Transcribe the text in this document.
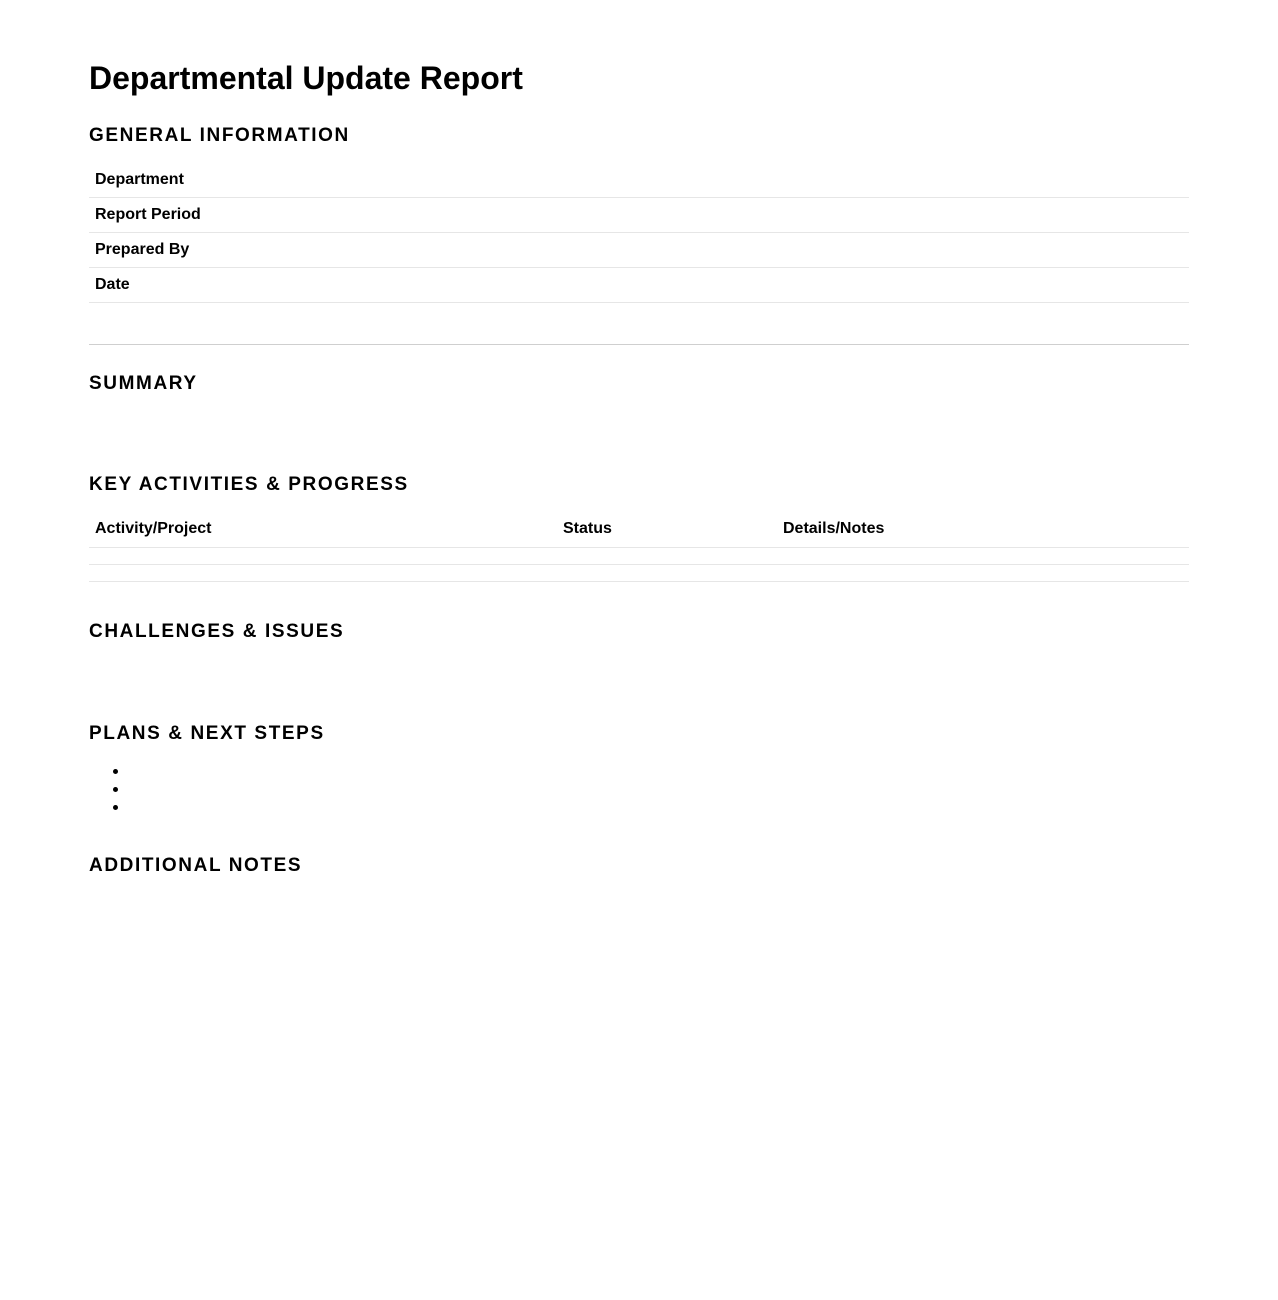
Departmental Update Report
GENERAL INFORMATION
Department
Report Period
Prepared By
Date
SUMMARY
KEY ACTIVITIES & PROGRESS
Activity/Project	Status	Details/Notes
CHALLENGES & ISSUES
PLANS & NEXT STEPS
ADDITIONAL NOTES
